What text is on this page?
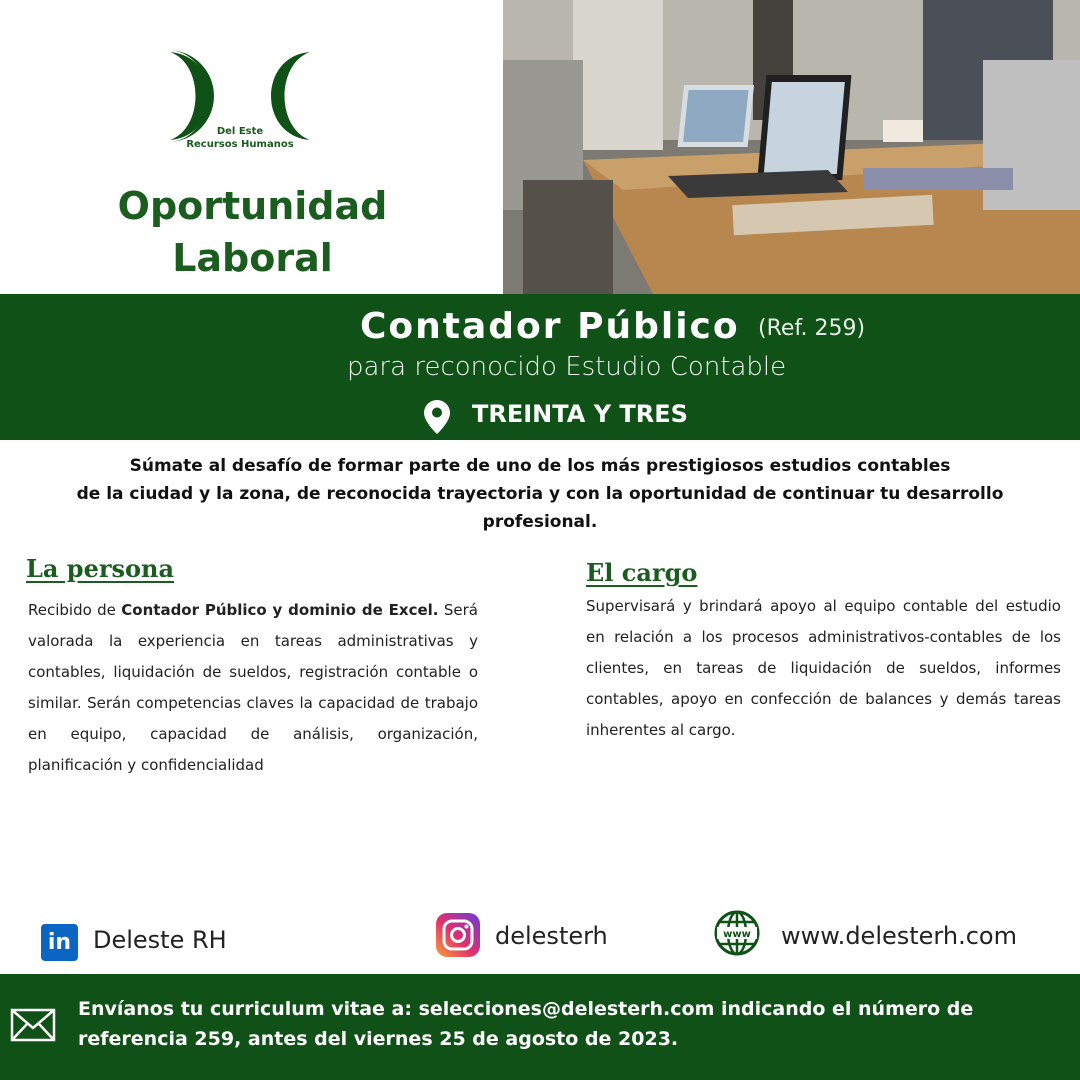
Del Este
Recursos Humanos
Oportunidad
Laboral
Contador Público (Ref. 259)
para reconocido Estudio Contable
TREINTA Y TRES
Súmate al desafío de formar parte de uno de los más prestigiosos estudios contables
de la ciudad y la zona, de reconocida trayectoria y con la oportunidad de continuar tu desarrollo profesional.
La persona
Recibido de Contador Público y dominio de Excel. Será valorada la experiencia en tareas administrativas y contables, liquidación de sueldos, registración contable o similar. Serán competencias claves la capacidad de trabajo en equipo, capacidad de análisis, organización, planificación y confidencialidad
El cargo
Supervisará y brindará apoyo al equipo contable del estudio en relación a los procesos administrativos-contables de los clientes, en tareas de liquidación de sueldos, informes contables, apoyo en confección de balances y demás tareas inherentes al cargo.
in Deleste RH	delesterh	www www.delesterh.com
Envíanos tu curriculum vitae a: selecciones@delesterh.com indicando el número de referencia 259, antes del viernes 25 de agosto de 2023.
